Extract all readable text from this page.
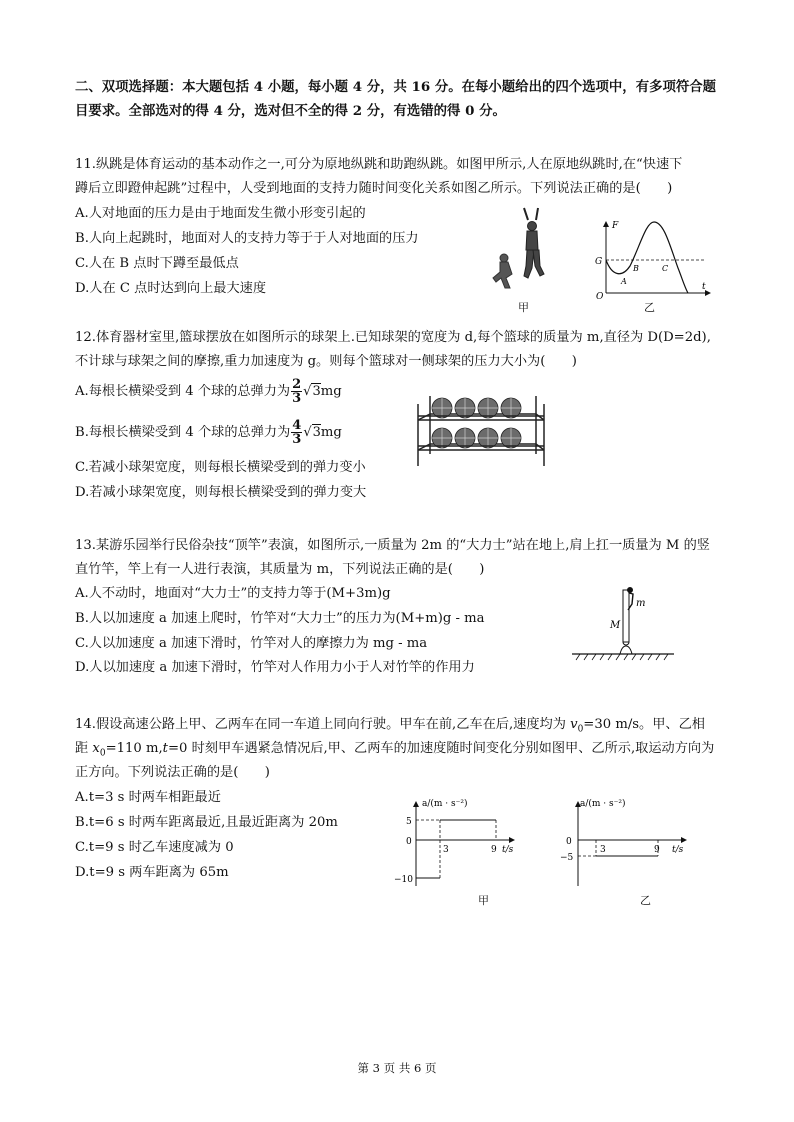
二、双项选择题：本大题包括 4 小题，每小题 4 分，共 16 分。在每小题给出的四个选项中，有多项符合题
目要求。全部选对的得 4 分，选对但不全的得 2 分，有选错的得 0 分。
11.纵跳是体育运动的基本动作之一,可分为原地纵跳和助跑纵跳。如图甲所示,人在原地纵跳时,在“快速下
蹲后立即蹬伸起跳”过程中，人受到地面的支持力随时间变化关系如图乙所示。下列说法正确的是(　　)
A.人对地面的压力是由于地面发生微小形变引起的
B.人向上起跳时，地面对人的支持力等于于人对地面的压力
C.人在 B 点时下蹲至最低点
D.人在 C 点时达到向上最大速度
甲
G
F
t
O
A
B	C
乙
12.体育器材室里,篮球摆放在如图所示的球架上.已知球架的宽度为 d,每个篮球的质量为 m,直径为 D(D=2d),
不计球与球架之间的摩擦,重力加速度为 g。则每个篮球对一侧球架的压力大小为(　　)
A.每根长横梁受到 4 个球的总弹力为 $\frac{2}{3} √3mg$
B.每根长横梁受到 4 个球的总弹力为 $\frac{4}{3} √3mg$
C.若减小球架宽度，则每根长横梁受到的弹力变小
D.若减小球架宽度，则每根长横梁受到的弹力变大
13.某游乐园举行民俗杂技“顶竿”表演，如图所示,一质量为 2m 的“大力士”站在地上,肩上扛一质量为 M 的竖
直竹竿，竿上有一人进行表演，其质量为 m，下列说法正确的是(　　)
A.人不动时，地面对“大力士”的支持力等于(M+3m)g
B.人以加速度 a 加速上爬时，竹竿对“大力士”的压力为(M+m)g - ma
C.人以加速度 a 加速下滑时，竹竿对人的摩擦力为 mg - ma
D.人以加速度 a 加速下滑时，竹竿对人作用力小于人对竹竿的作用力
m
M
14.假设高速公路上甲、乙两车在同一车道上同向行驶。甲车在前,乙车在后,速度均为 $v_0=30$ m/s。甲、乙相
距 $x_0=110$ m,t=0 时刻甲车遇紧急情况后,甲、乙两车的加速度随时间变化分别如图甲、乙所示,取运动方向为
正方向。下列说法正确的是(　　)
A.t=3 s 时两车相距最近
B.t=6 s 时两车距离最近,且最近距离为 20m
C.t=9 s 时乙车速度减为 0
D.t=9 s 两车距离为 65m
a/(m · s⁻²)
t/s
5
0
−10
3	9
甲
a/(m · s⁻²)
t/s
0
−5
3	9
乙
第 3 页 共 6 页
